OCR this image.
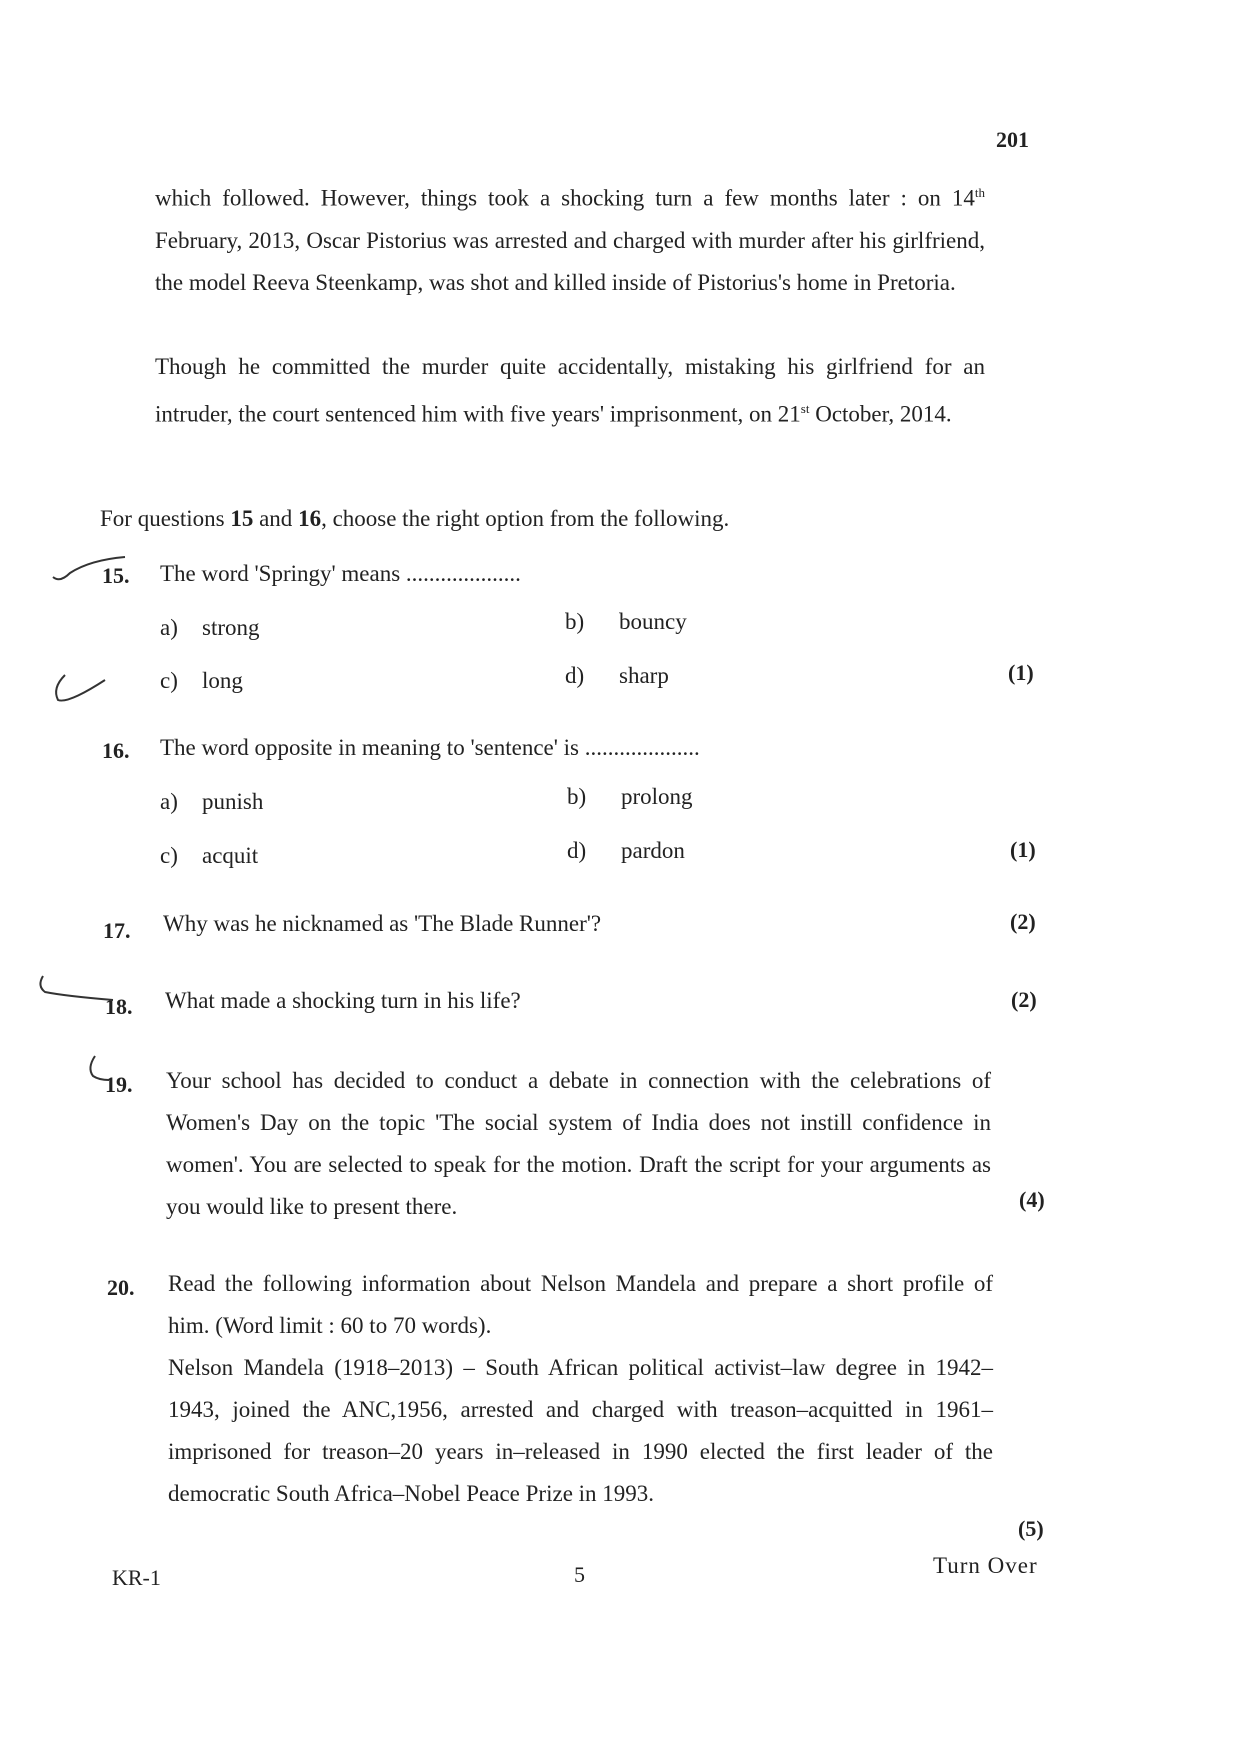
201

which followed. However, things took a shocking turn a few months later : on 14th February, 2013, Oscar Pistorius was arrested and charged with murder after his girlfriend, the model Reeva Steenkamp, was shot and killed inside of Pistorius's home in Pretoria.

Though he committed the murder quite accidentally, mistaking his girlfriend for an intruder, the court sentenced him with five years' imprisonment, on 21st October, 2014.

For questions 15 and 16, choose the right option from the following.
15. The word 'Springy' means ....................
a) strong	b) bouncy
c) long	d) sharp	(1)
16. The word opposite in meaning to 'sentence' is ....................
a) punish	b) prolong
c) acquit	d) pardon	(1)
17. Why was he nicknamed as 'The Blade Runner'?	(2)
18. What made a shocking turn in his life?	(2)
19. Your school has decided to conduct a debate in connection with the celebrations of Women's Day on the topic 'The social system of India does not instill confidence in women'. You are selected to speak for the motion. Draft the script for your arguments as you would like to present there.	(4)
20. Read the following information about Nelson Mandela and prepare a short profile of him. (Word limit : 60 to 70 words).
Nelson Mandela (1918–2013) – South African political activist–law degree in 1942–1943, joined the ANC,1956, arrested and charged with treason–acquitted in 1961–imprisoned for treason–20 years in–released in 1990 elected the first leader of the democratic South Africa–Nobel Peace Prize in 1993.
(5)
KR-1	5	Turn Over
